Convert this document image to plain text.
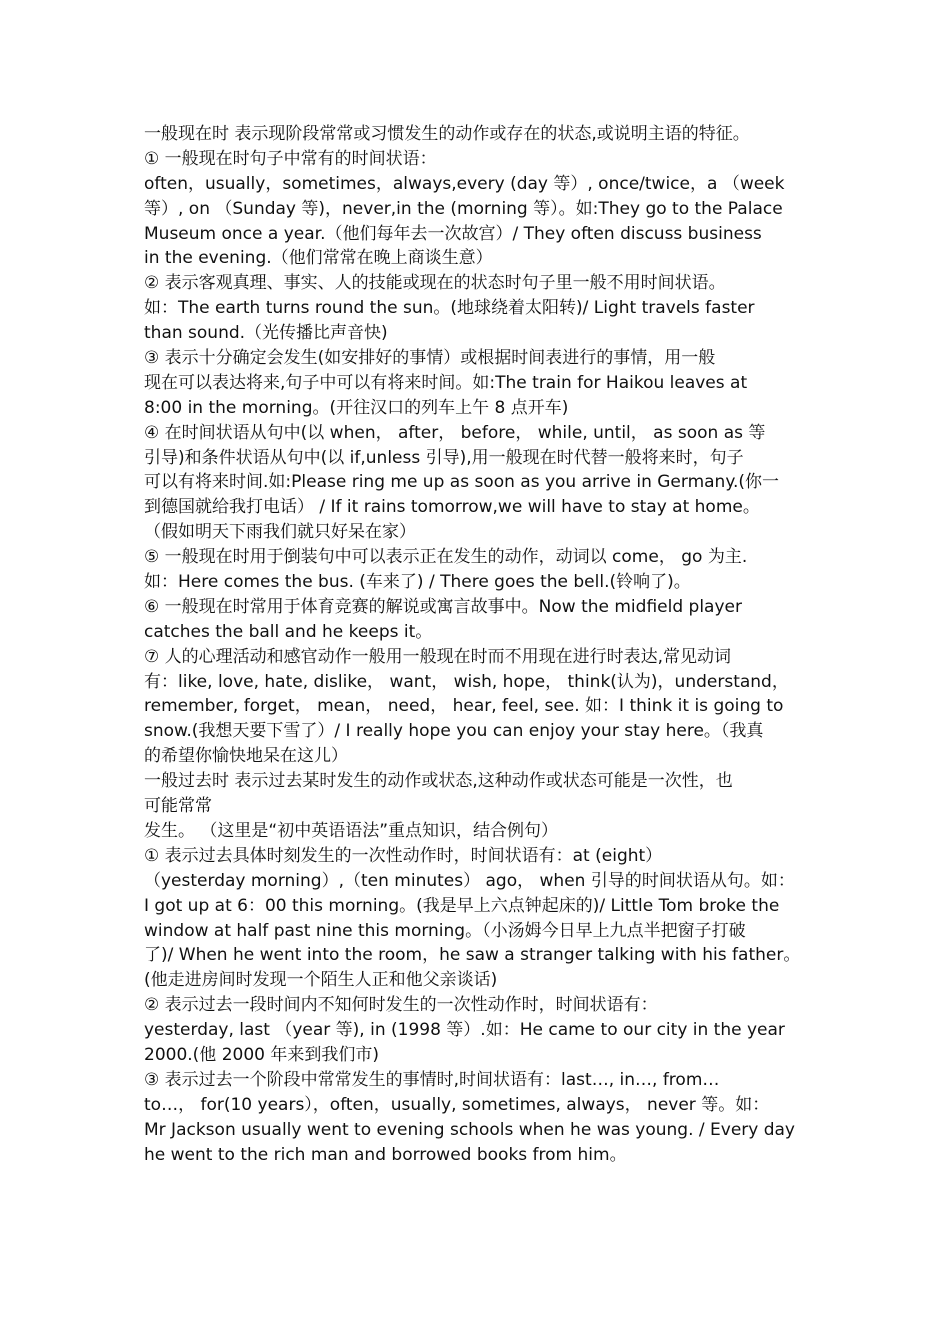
一般现在时 表示现阶段常常或习惯发生的动作或存在的状态,或说明主语的特征。
① 一般现在时句子中常有的时间状语：
often，usually，sometimes，always,every (day 等）, once/twice，a （week
等）, on （Sunday 等)，never,in the (morning 等）。如:They go to the Palace
Museum once a year.（他们每年去一次故宫）/ They often discuss business
in the evening.（他们常常在晚上商谈生意）
② 表示客观真理、事实、人的技能或现在的状态时句子里一般不用时间状语。
如：The earth turns round the sun。(地球绕着太阳转)/ Light travels faster
than sound.（光传播比声音快)
③ 表示十分确定会发生(如安排好的事情）或根据时间表进行的事情，用一般
现在可以表达将来,句子中可以有将来时间。如:The train for Haikou leaves at
8:00 in the morning。(开往汉口的列车上午 8 点开车)
④ 在时间状语从句中(以 when， after， before， while, until， as soon as 等
引导)和条件状语从句中(以 if,unless 引导),用一般现在时代替一般将来时，句子
可以有将来时间.如:Please ring me up as soon as you arrive in Germany.(你一
到德国就给我打电话） / If it rains tomorrow,we will have to stay at home。
（假如明天下雨我们就只好呆在家）
⑤ 一般现在时用于倒装句中可以表示正在发生的动作，动词以 come， go 为主.
如：Here comes the bus. (车来了) / There goes the bell.(铃响了)。
⑥ 一般现在时常用于体育竞赛的解说或寓言故事中。Now the midfield player
catches the ball and he keeps it。
⑦ 人的心理活动和感官动作一般用一般现在时而不用现在进行时表达,常见动词
有：like, love, hate, dislike， want， wish, hope， think(认为)，understand，
remember, forget， mean， need， hear, feel, see. 如：I think it is going to
snow.(我想天要下雪了）/ I really hope you can enjoy your stay here。（我真
的希望你愉快地呆在这儿）
一般过去时 表示过去某时发生的动作或状态,这种动作或状态可能是一次性，也
可能常常
发生。 （这里是“初中英语语法”重点知识，结合例句）
① 表示过去具体时刻发生的一次性动作时，时间状语有：at (eight）
（yesterday morning）,（ten minutes） ago， when 引导的时间状语从句。如：
I got up at 6：00 this morning。(我是早上六点钟起床的)/ Little Tom broke the
window at half past nine this morning。（小汤姆今日早上九点半把窗子打破
了)/ When he went into the room，he saw a stranger talking with his father。
(他走进房间时发现一个陌生人正和他父亲谈话)
② 表示过去一段时间内不知何时发生的一次性动作时，时间状语有：
yesterday, last （year 等), in (1998 等）.如：He came to our city in the year
2000.(他 2000 年来到我们市)
③ 表示过去一个阶段中常常发生的事情时,时间状语有：last…, in…, from…
to…， for(10 years），often，usually, sometimes, always， never 等。如：
Mr Jackson usually went to evening schools when he was young. / Every day
he went to the rich man and borrowed books from him。
